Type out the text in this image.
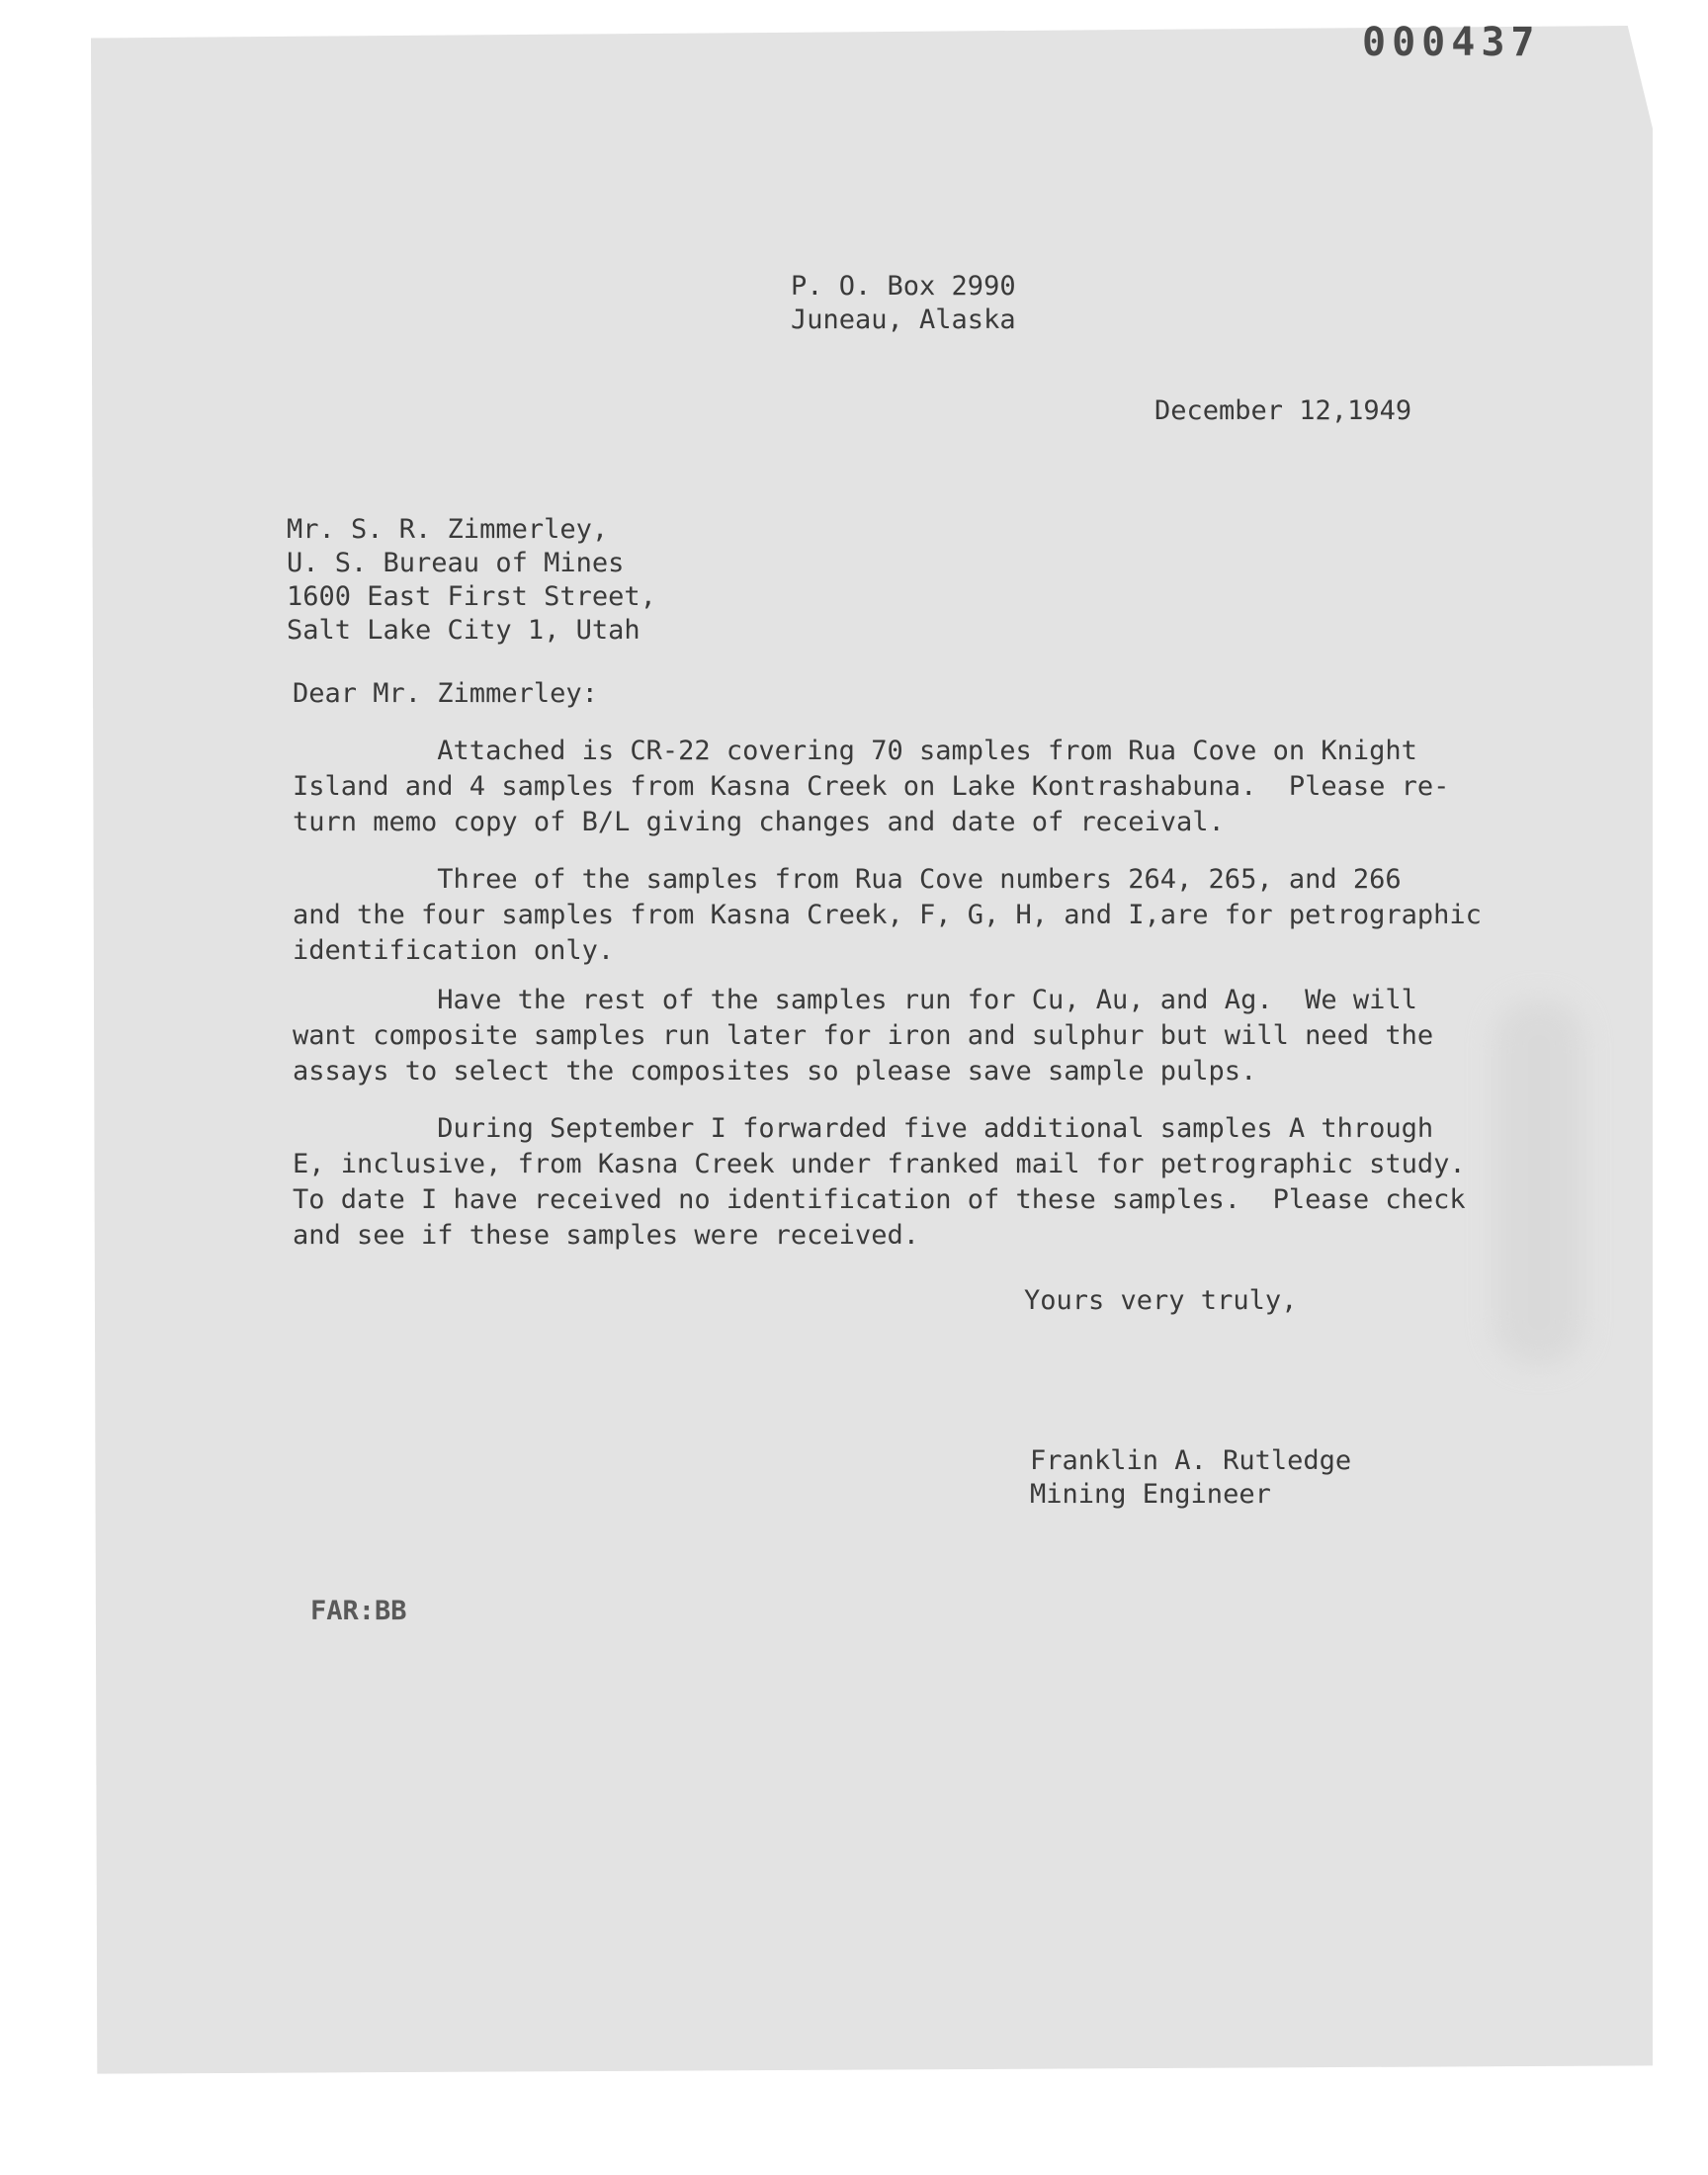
000437
P. O. Box 2990
Juneau, Alaska
December 12,1949
Mr. S. R. Zimmerley,
U. S. Bureau of Mines
1600 East First Street,
Salt Lake City 1, Utah
Dear Mr. Zimmerley:
Attached is CR-22 covering 70 samples from Rua Cove on Knight
Island and 4 samples from Kasna Creek on Lake Kontrashabuna.  Please re-
turn memo copy of B/L giving changes and date of receival.
Three of the samples from Rua Cove numbers 264, 265, and 266
and the four samples from Kasna Creek, F, G, H, and I,are for petrographic
identification only.
Have the rest of the samples run for Cu, Au, and Ag.  We will
want composite samples run later for iron and sulphur but will need the
assays to select the composites so please save sample pulps.
During September I forwarded five additional samples A through
E, inclusive, from Kasna Creek under franked mail for petrographic study.
To date I have received no identification of these samples.  Please check
and see if these samples were received.
Yours very truly,
Franklin A. Rutledge
Mining Engineer
FAR:BB
